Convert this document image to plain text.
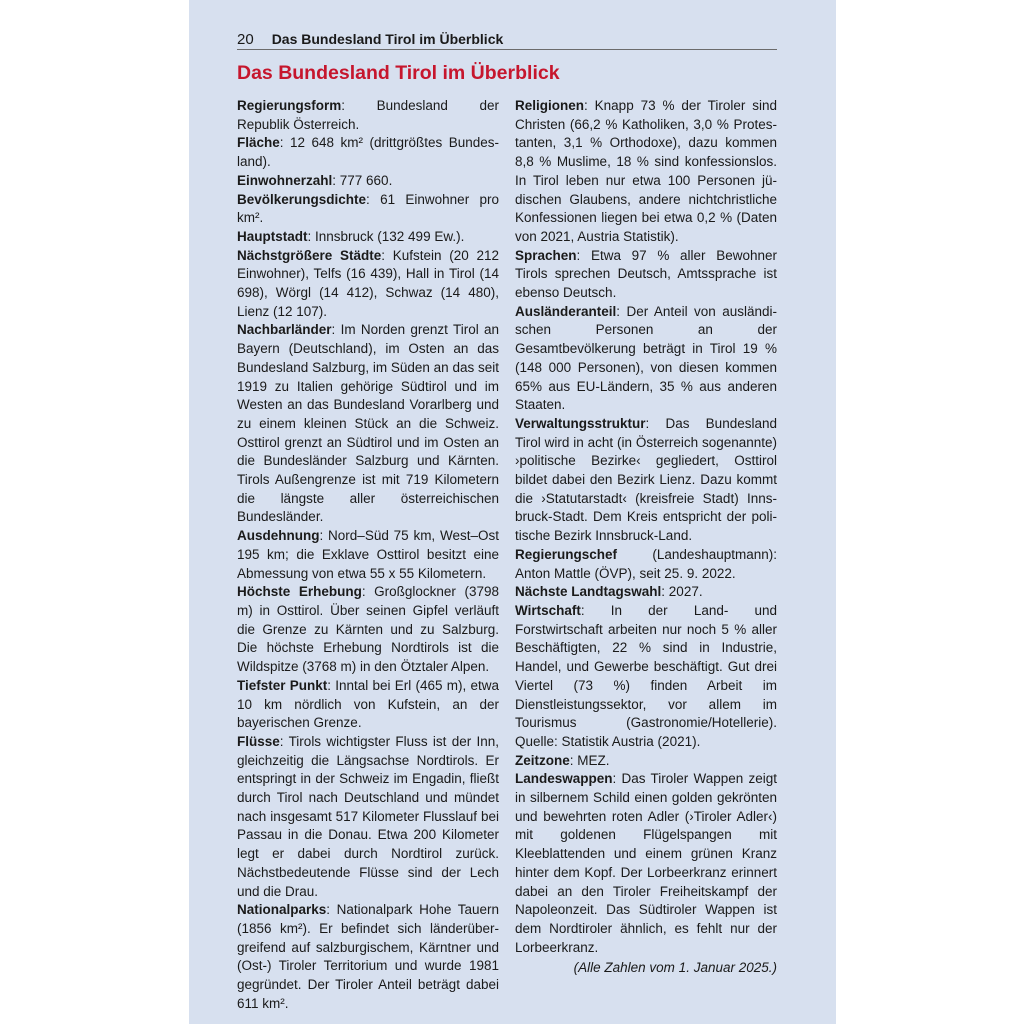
20 Das Bundesland Tirol im Überblick
Das Bundesland Tirol im Überblick

Regierungsform: Bundesland der Republik Österreich.

Fläche: 12 648 km² (drittgrößtes Bundesland).

Einwohnerzahl: 777 660.

Bevölkerungsdichte: 61 Einwohner pro km².

Hauptstadt: Innsbruck (132 499 Ew.).

Nächstgrößere Städte: Kufstein (20 212 Einwohner), Telfs (16 439), Hall in Tirol (14 698), Wörgl (14 412), Schwaz (14 480), Lienz (12 107).

Nachbarländer: Im Norden grenzt Tirol an Bayern (Deutschland), im Osten an das Bundesland Salzburg, im Süden an das seit 1919 zu Italien gehörige Südtirol und im Westen an das Bundesland Vorarlberg und zu einem kleinen Stück an die Schweiz. Osttirol grenzt an Südtirol und im Osten an die Bundesländer Salzburg und Kärnten. Tirols Außengrenze ist mit 719 Kilometern die längste aller österreichischen Bundesländer.

Ausdehnung: Nord–Süd 75 km, West–Ost 195 km; die Exklave Osttirol besitzt eine Abmessung von etwa 55 x 55 Kilometern.

Höchste Erhebung: Großglockner (3798 m) in Osttirol. Über seinen Gipfel verläuft die Grenze zu Kärnten und zu Salzburg. Die höchste Erhebung Nordtirols ist die Wildspitze (3768 m) in den Ötztaler Alpen.

Tiefster Punkt: Inntal bei Erl (465 m), etwa 10 km nördlich von Kufstein, an der bayerischen Grenze.

Flüsse: Tirols wichtigster Fluss ist der Inn, gleichzeitig die Längsachse Nordtirols. Er entspringt in der Schweiz im Engadin, fließt durch Tirol nach Deutschland und mündet nach insgesamt 517 Kilometer Flusslauf bei Passau in die Donau. Etwa 200 Kilometer legt er dabei durch Nordtirol zurück. Nächstbedeutende Flüsse sind der Lech und die Drau.

Nationalparks: Nationalpark Hohe Tauern (1856 km²). Er befindet sich länderübergreifend auf salzburgischem, Kärntner und (Ost-) Tiroler Territorium und wurde 1981 gegründet. Der Tiroler Anteil beträgt dabei 611 km².

Religionen: Knapp 73 % der Tiroler sind Christen (66,2 % Katholiken, 3,0 % Protestanten, 3,1 % Orthodoxe), dazu kommen 8,8 % Muslime, 18 % sind konfessionslos. In Tirol leben nur etwa 100 Personen jüdischen Glaubens, andere nichtchristliche Konfessionen liegen bei etwa 0,2 % (Daten von 2021, Austria Statistik).

Sprachen: Etwa 97 % aller Bewohner Tirols sprechen Deutsch, Amtssprache ist ebenso Deutsch.

Ausländeranteil: Der Anteil von ausländischen Personen an der Gesamtbevölkerung beträgt in Tirol 19 % (148 000 Personen), von diesen kommen 65% aus EU-Ländern, 35 % aus anderen Staaten.

Verwaltungsstruktur: Das Bundesland Tirol wird in acht (in Österreich sogenannte) ›politische Bezirke‹ gegliedert, Osttirol bildet dabei den Bezirk Lienz. Dazu kommt die ›Statutarstadt‹ (kreisfreie Stadt) Innsbruck-Stadt. Dem Kreis entspricht der politische Bezirk Innsbruck-Land.

Regierungschef (Landeshauptmann): Anton Mattle (ÖVP), seit 25. 9. 2022.

Nächste Landtagswahl: 2027.

Wirtschaft: In der Land- und Forstwirtschaft arbeiten nur noch 5 % aller Beschäftigten, 22 % sind in Industrie, Handel, und Gewerbe beschäftigt. Gut drei Viertel (73 %) finden Arbeit im Dienstleistungssektor, vor allem im Tourismus (Gastronomie/Hotellerie). Quelle: Statistik Austria (2021).

Zeitzone: MEZ.

Landeswappen: Das Tiroler Wappen zeigt in silbernem Schild einen golden gekrönten und bewehrten roten Adler (›Tiroler Adler‹) mit goldenen Flügelspangen mit Kleeblattenden und einem grünen Kranz hinter dem Kopf. Der Lorbeerkranz erinnert dabei an den Tiroler Freiheitskampf der Napoleonzeit. Das Südtiroler Wappen ist dem Nordtiroler ähnlich, es fehlt nur der Lorbeerkranz.

(Alle Zahlen vom 1. Januar 2025.)
